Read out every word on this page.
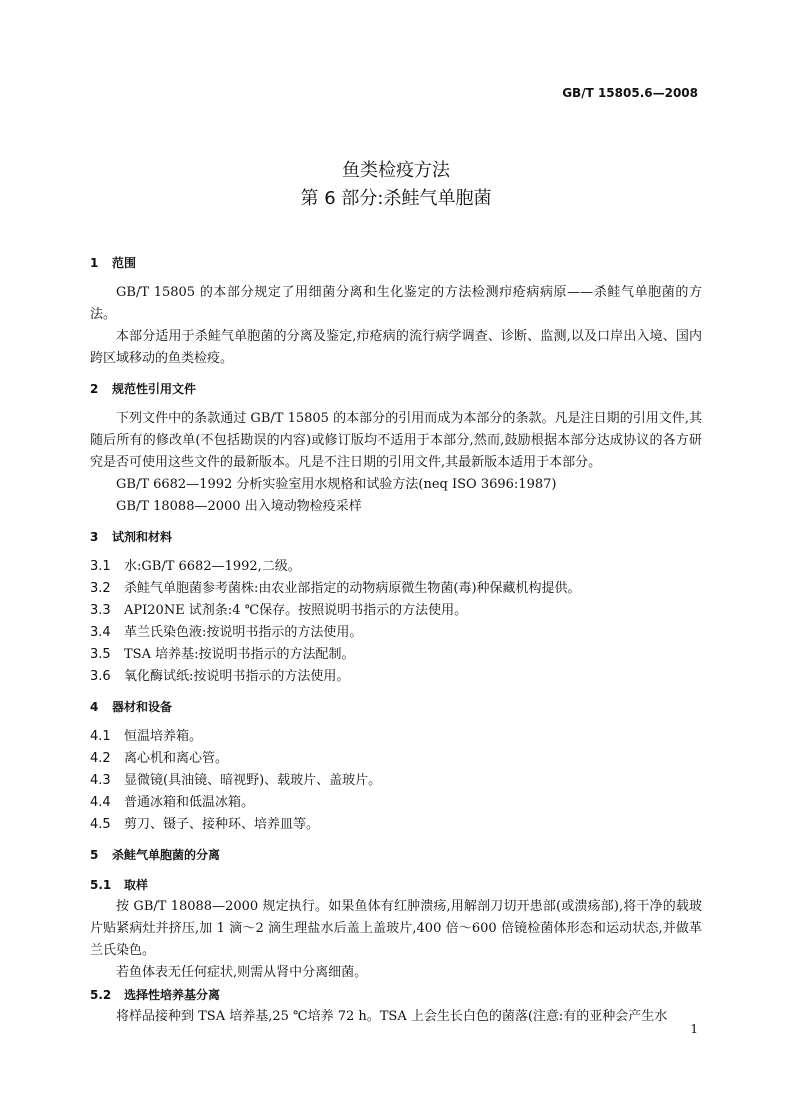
GB/T 15805.6—2008
鱼类检疫方法
第 6 部分:杀鲑气单胞菌
1 范围

GB/T 15805 的本部分规定了用细菌分离和生化鉴定的方法检测疖疮病病原——杀鲑气单胞菌的方法。

本部分适用于杀鲑气单胞菌的分离及鉴定,疖疮病的流行病学调查、诊断、监测,以及口岸出入境、国内跨区域移动的鱼类检疫。

2 规范性引用文件

下列文件中的条款通过 GB/T 15805 的本部分的引用而成为本部分的条款。凡是注日期的引用文件,其随后所有的修改单(不包括勘误的内容)或修订版均不适用于本部分,然而,鼓励根据本部分达成协议的各方研究是否可使用这些文件的最新版本。凡是不注日期的引用文件,其最新版本适用于本部分。

GB/T 6682—1992 分析实验室用水规格和试验方法(neq ISO 3696:1987)

GB/T 18088—2000 出入境动物检疫采样

3 试剂和材料
3.1 水:GB/T 6682—1992,二级。
3.2 杀鲑气单胞菌参考菌株:由农业部指定的动物病原微生物菌(毒)种保藏机构提供。
3.3 API20NE 试剂条:4 ℃保存。按照说明书指示的方法使用。
3.4 革兰氏染色液:按说明书指示的方法使用。
3.5 TSA 培养基:按说明书指示的方法配制。
3.6 氧化酶试纸:按说明书指示的方法使用。
4 器材和设备
4.1 恒温培养箱。
4.2 离心机和离心管。
4.3 显微镜(具油镜、暗视野)、载玻片、盖玻片。
4.4 普通冰箱和低温冰箱。
4.5 剪刀、镊子、接种环、培养皿等。
5 杀鲑气单胞菌的分离
5.1 取样

按 GB/T 18088—2000 规定执行。如果鱼体有红肿溃疡,用解剖刀切开患部(或溃疡部),将干净的载玻片贴紧病灶并挤压,加 1 滴～2 滴生理盐水后盖上盖玻片,400 倍～600 倍镜检菌体形态和运动状态,并做革兰氏染色。

若鱼体表无任何症状,则需从肾中分离细菌。

5.2 选择性培养基分离

将样品接种到 TSA 培养基,25 ℃培养 72 h。TSA 上会生长白色的菌落(注意:有的亚种会产生水

1
